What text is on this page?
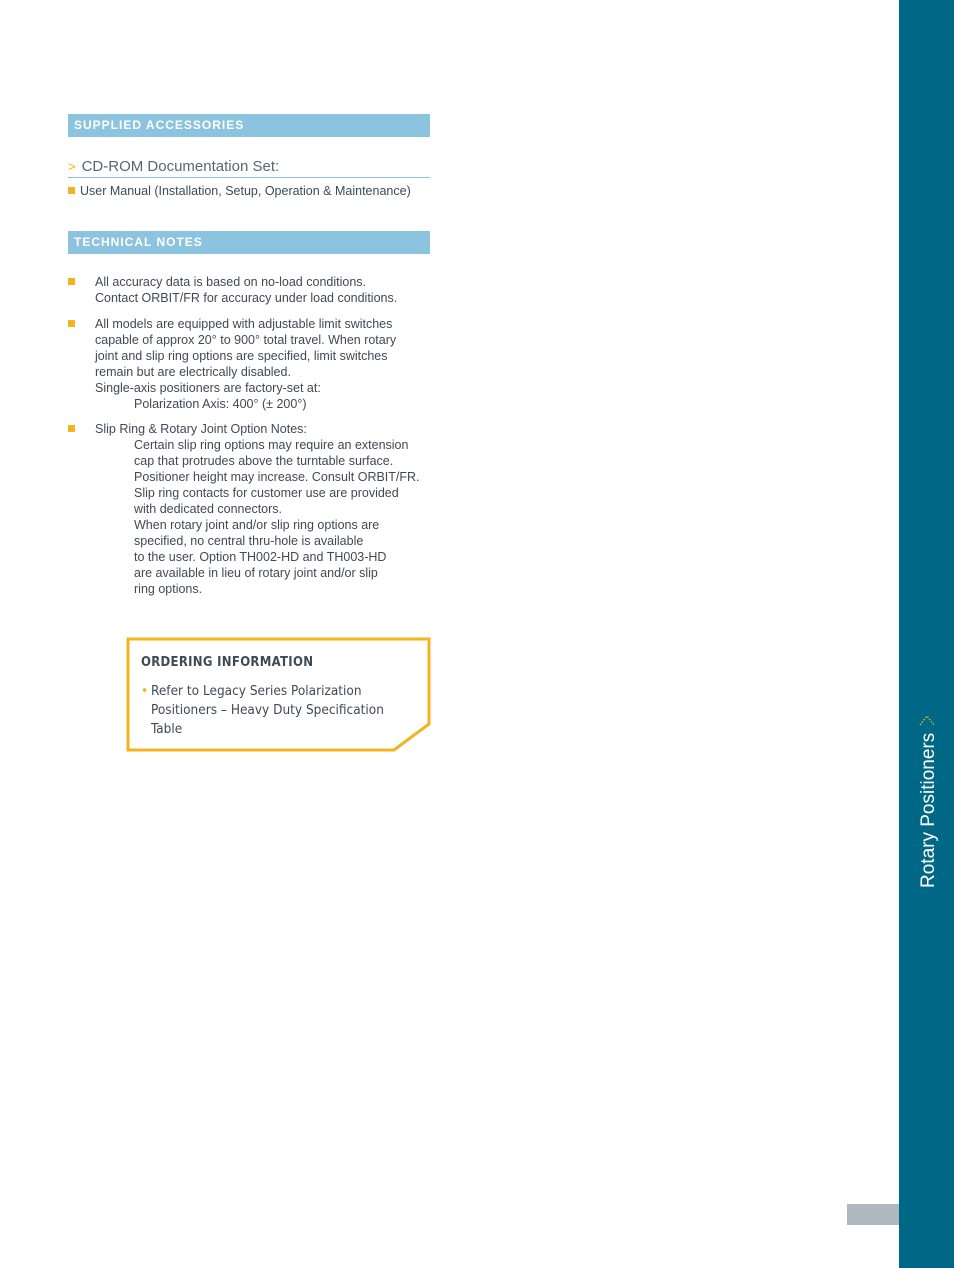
SUPPLIED ACCESSORIES
> CD-ROM Documentation Set:
User Manual (Installation, Setup, Operation & Maintenance)
TECHNICAL NOTES
All accuracy data is based on no-load conditions.
Contact ORBIT/FR for accuracy under load conditions.
All models are equipped with adjustable limit switches
capable of approx 20° to 900° total travel. When rotary
joint and slip ring options are specified, limit switches
remain but are electrically disabled.
Single-axis positioners are factory-set at:
Polarization Axis: 400° (± 200°)
Slip Ring & Rotary Joint Option Notes:
Certain slip ring options may require an extension
cap that protrudes above the turntable surface.
Positioner height may increase. Consult ORBIT/FR.
Slip ring contacts for customer use are provided
with dedicated connectors.
When rotary joint and/or slip ring options are
specified, no central thru-hole is available
to the user. Option TH002-HD and TH003-HD
are available in lieu of rotary joint and/or slip
ring options.
ORDERING INFORMATION
• Refer to Legacy Series Polarization
Positioners – Heavy Duty Specification
Table
Rotary Positioners
